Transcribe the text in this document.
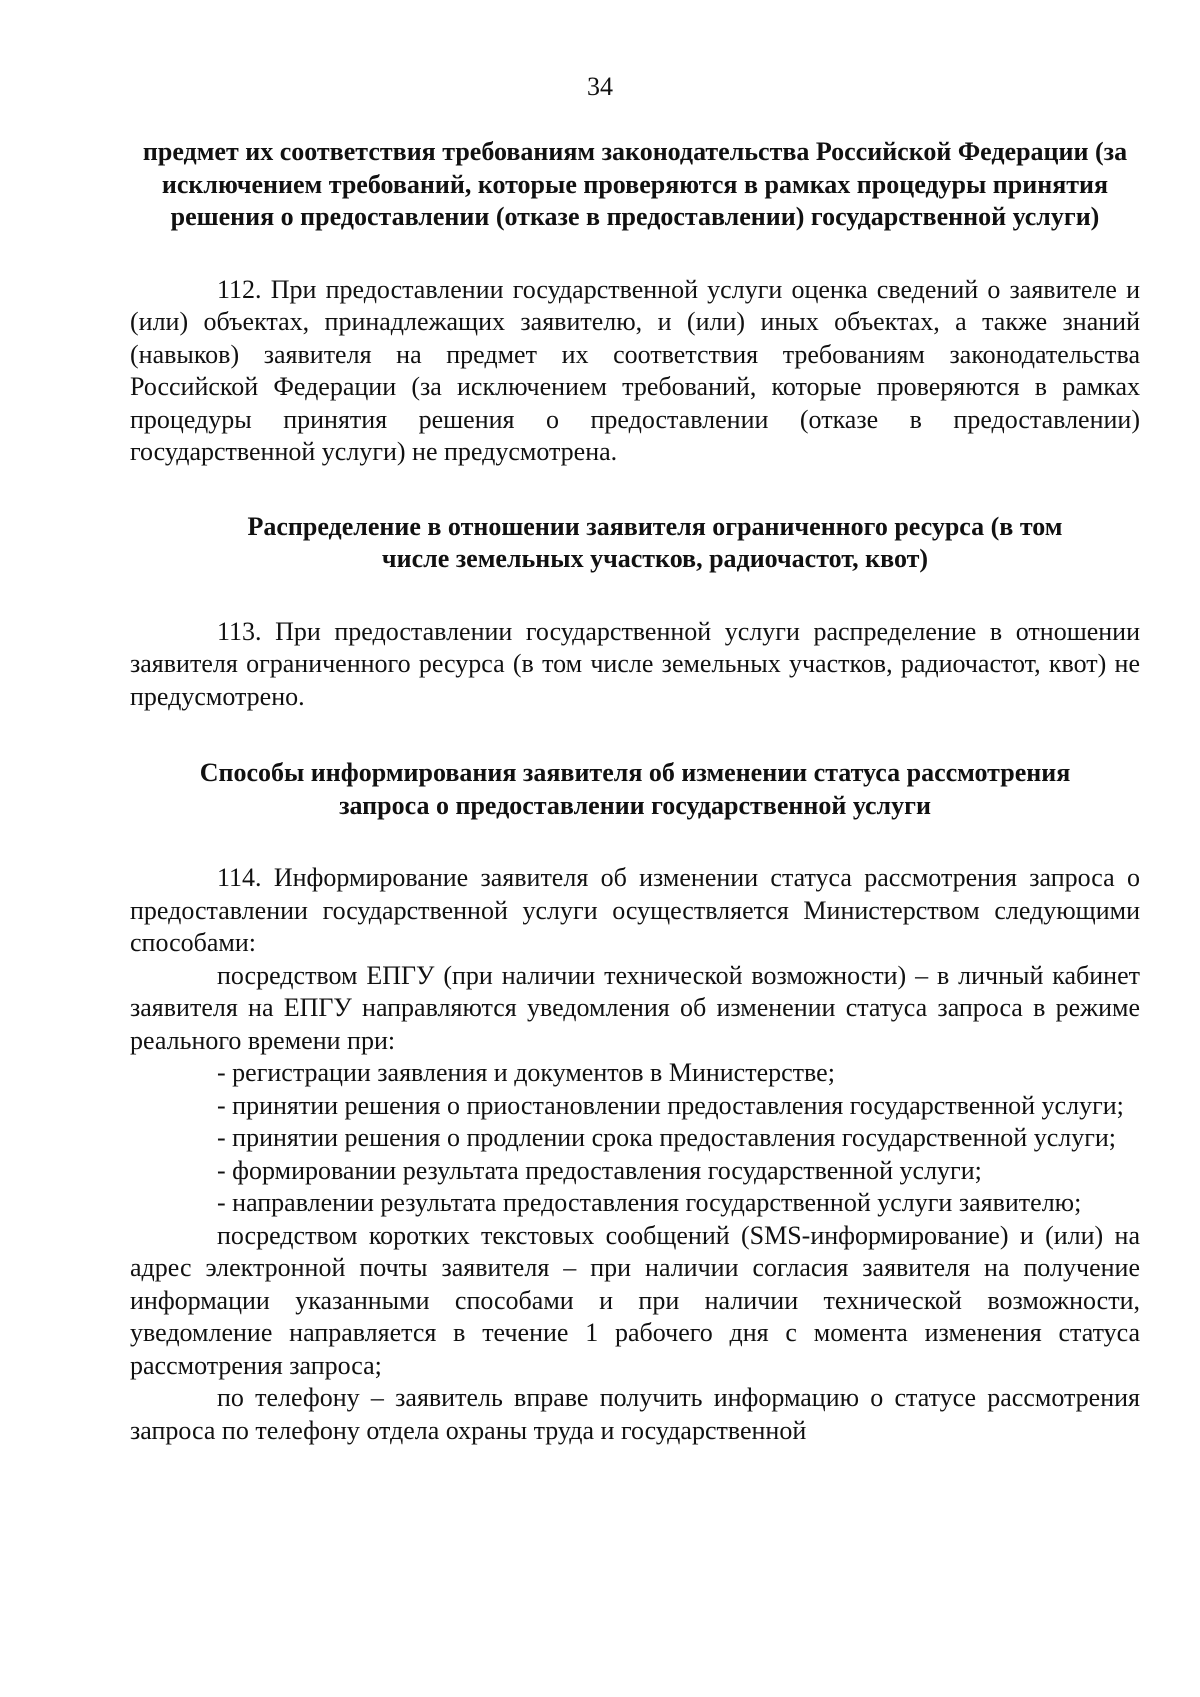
34

предмет их соответствия требованиям законодательства Российской Федерации (за исключением требований, которые проверяются в рамках процедуры принятия решения о предоставлении (отказе в предоставлении) государственной услуги)

112. При предоставлении государственной услуги оценка сведений о заявителе и (или) объектах, принадлежащих заявителю, и (или) иных объектах, а также знаний (навыков) заявителя на предмет их соответствия требованиям законодательства Российской Федерации (за исключением требований, которые проверяются в рамках процедуры принятия решения о предоставлении (отказе в предоставлении) государственной услуги) не предусмотрена.

Распределение в отношении заявителя ограниченного ресурса (в том числе земельных участков, радиочастот, квот)

113. При предоставлении государственной услуги распределение в отношении заявителя ограниченного ресурса (в том числе земельных участков, радиочастот, квот) не предусмотрено.

Способы информирования заявителя об изменении статуса рассмотрения запроса о предоставлении государственной услуги

114. Информирование заявителя об изменении статуса рассмотрения запроса о предоставлении государственной услуги осуществляется Министерством следующими способами:

посредством ЕПГУ (при наличии технической возможности) – в личный кабинет заявителя на ЕПГУ направляются уведомления об изменении статуса запроса в режиме реального времени при:

- регистрации заявления и документов в Министерстве;

- принятии решения о приостановлении предоставления государственной услуги;

- принятии решения о продлении срока предоставления государственной услуги;

- формировании результата предоставления государственной услуги;

- направлении результата предоставления государственной услуги заявителю;

посредством коротких текстовых сообщений (SMS-информирование) и (или) на адрес электронной почты заявителя – при наличии согласия заявителя на получение информации указанными способами и при наличии технической возможности, уведомление направляется в течение 1 рабочего дня с момента изменения статуса рассмотрения запроса;

по телефону – заявитель вправе получить информацию о статусе рассмотрения запроса по телефону отдела охраны труда и государственной
